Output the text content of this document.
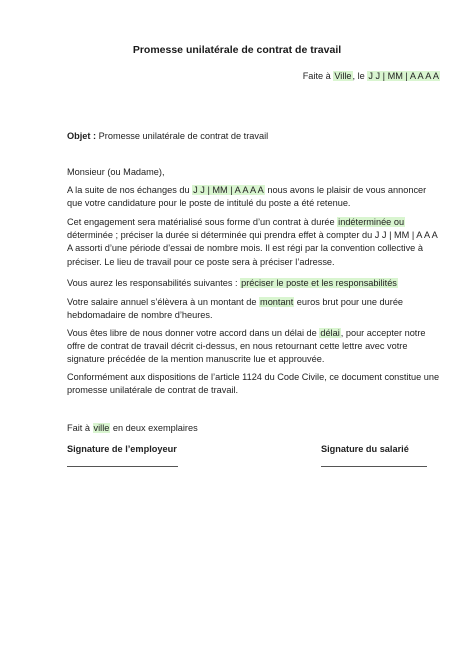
Promesse unilatérale de contrat de travail
Faite à Ville, le J J | MM | A A A A
Objet : Promesse unilatérale de contrat de travail
Monsieur (ou Madame),

A la suite de nos échanges du J J | MM | A A A A nous avons le plaisir de vous annoncer que votre candidature pour le poste de intitulé du poste a été retenue.

Cet engagement sera matérialisé sous forme d’un contrat à durée indéterminée ou déterminée ; préciser la durée si déterminée qui prendra effet à compter du J J | MM | A A A A assorti d’une période d’essai de nombre mois. Il est régi par la convention collective à préciser. Le lieu de travail pour ce poste sera à préciser l’adresse.

Vous aurez les responsabilités suivantes : préciser le poste et les responsabilités

Votre salaire annuel s’élèvera à un montant de montant euros brut pour une durée hebdomadaire de nombre d’heures.

Vous êtes libre de nous donner votre accord dans un délai de délai, pour accepter notre offre de contrat de travail décrit ci-dessus, en nous retournant cette lettre avec votre signature précédée de la mention manuscrite lue et approuvée.

Conformément aux dispositions de l’article 1124 du Code Civile, ce document constitue une promesse unilatérale de contrat de travail.

Fait à ville en deux exemplaires
Signature de l’employeur	Signature du salarié
